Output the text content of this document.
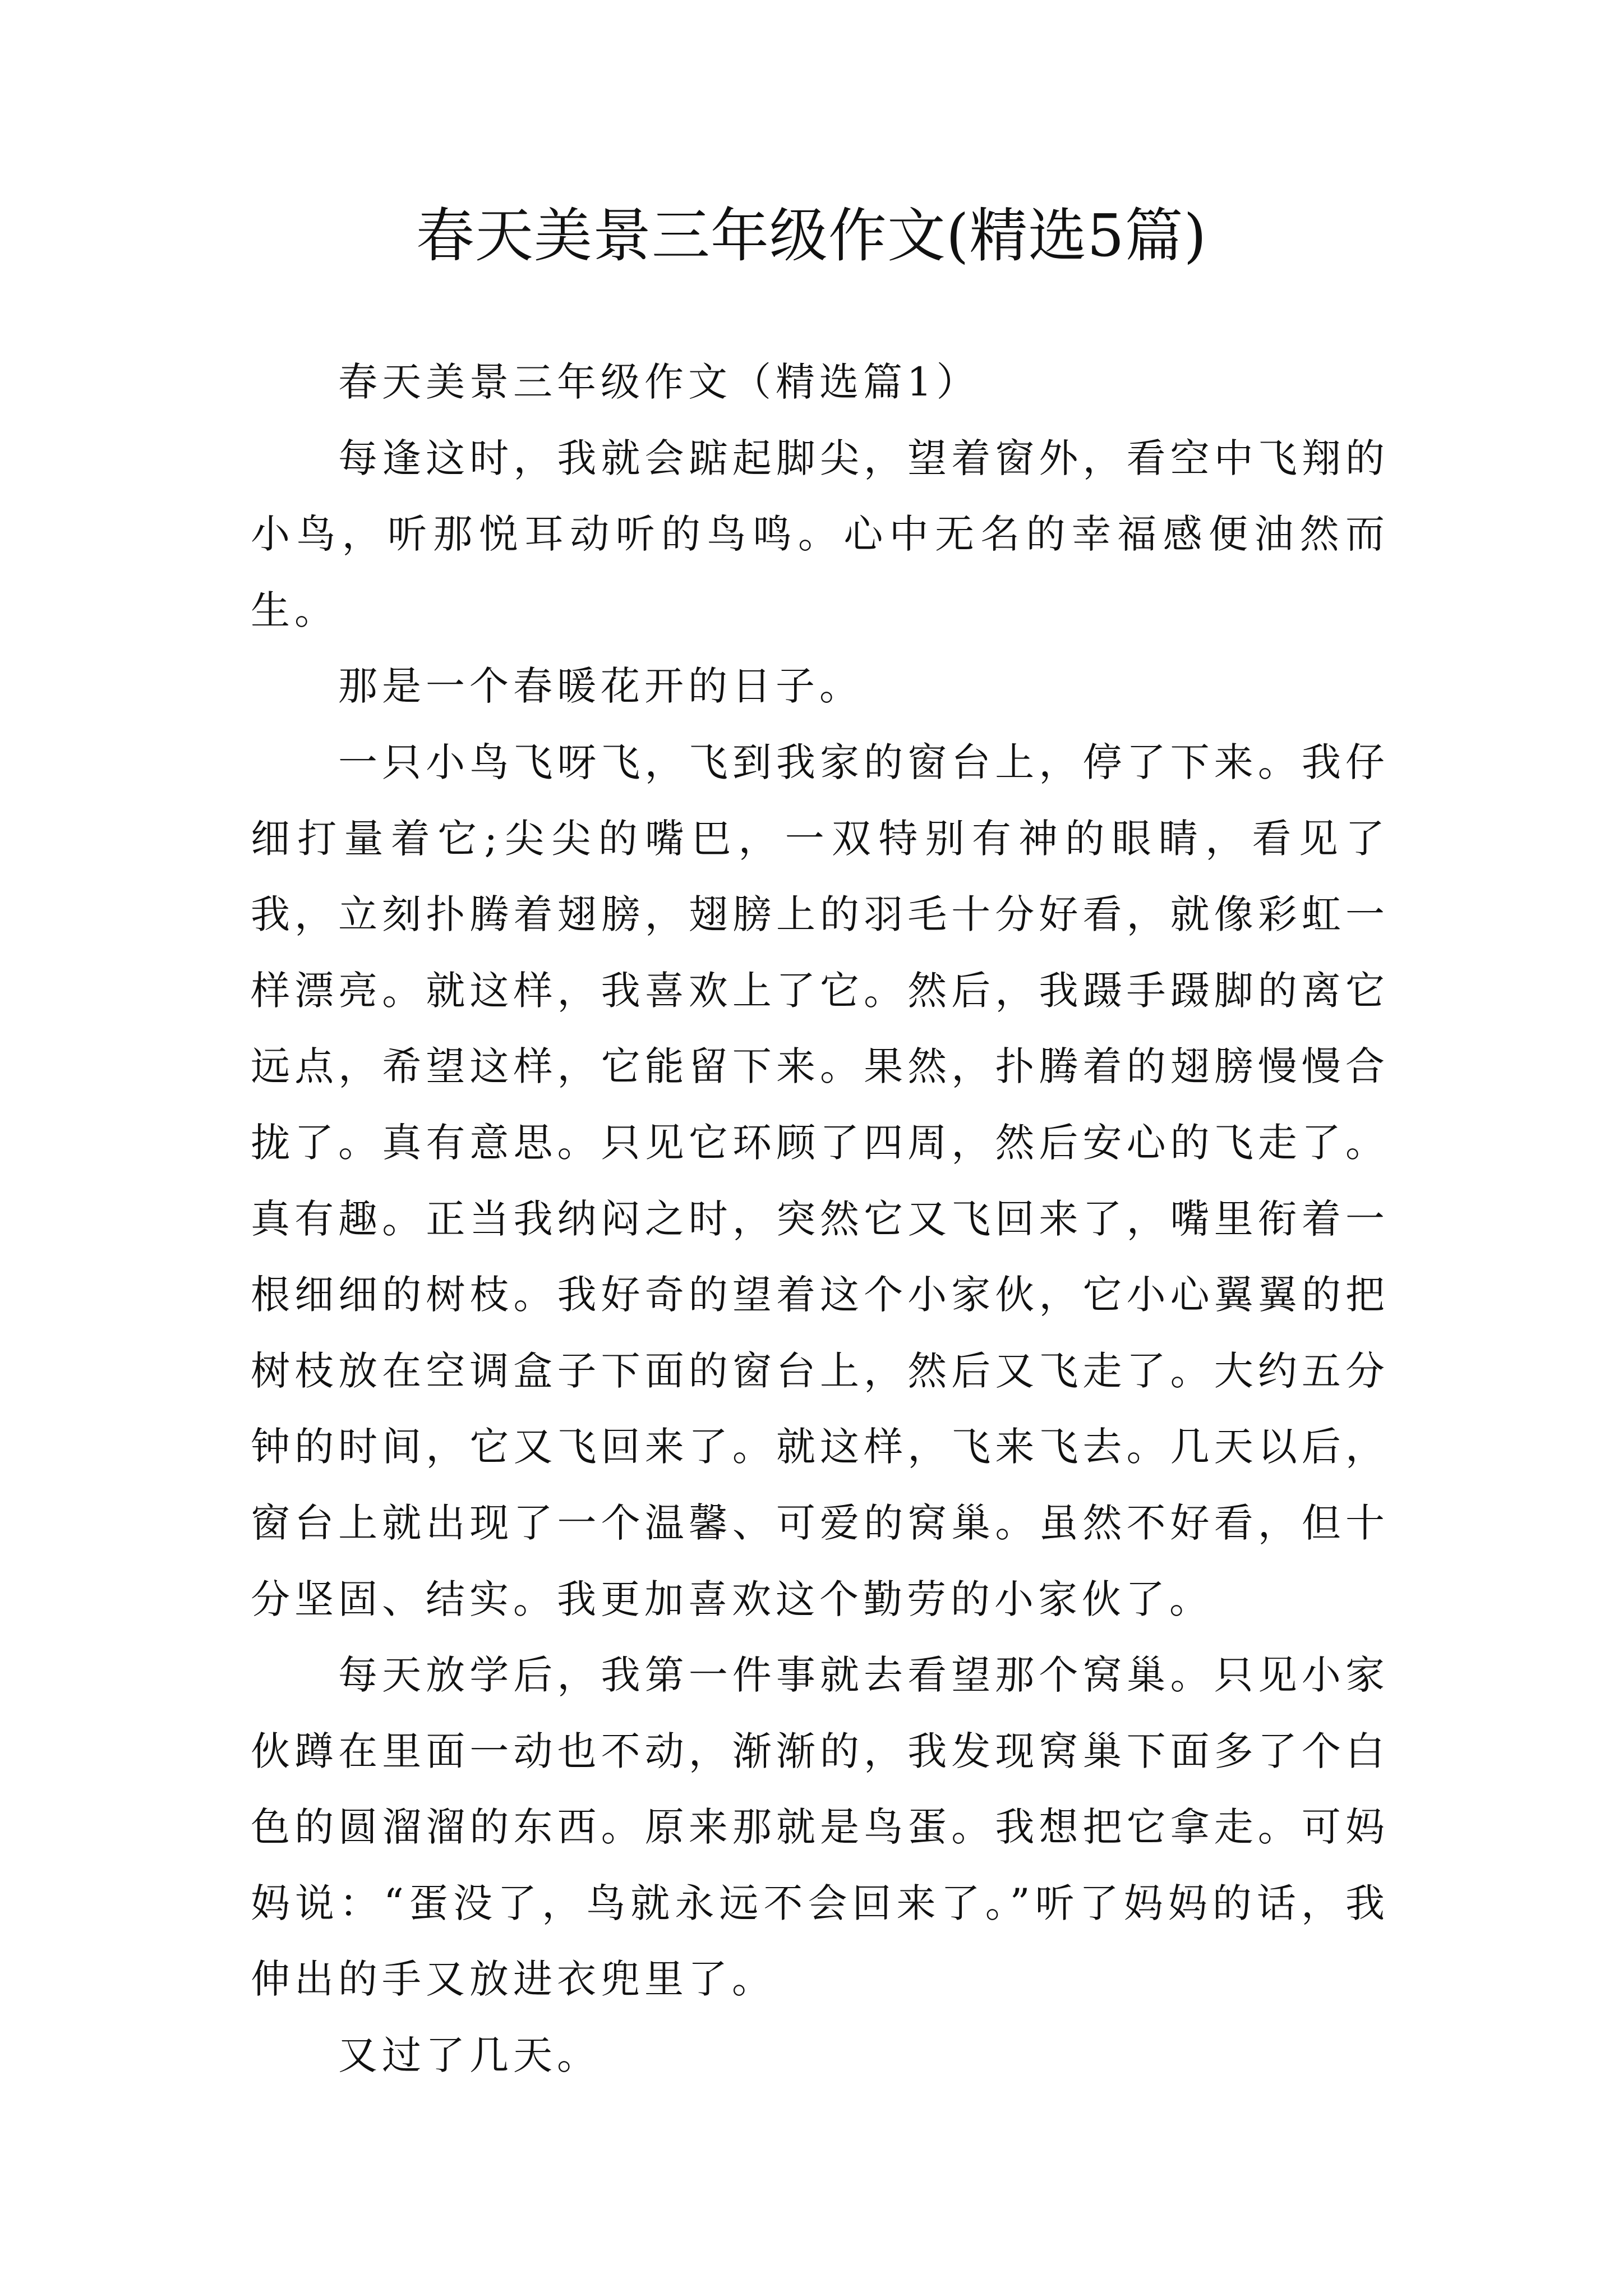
春天美景三年级作文(精选5篇)

春天美景三年级作文（精选篇1）

每逢这时，我就会踮起脚尖，望着窗外，看空中飞翔的小鸟，听那悦耳动听的鸟鸣。心中无名的幸福感便油然而生。

那是一个春暖花开的日子。

一只小鸟飞呀飞，飞到我家的窗台上，停了下来。我仔细打量着它;尖尖的嘴巴，一双特别有神的眼睛，看见了我，立刻扑腾着翅膀，翅膀上的羽毛十分好看，就像彩虹一样漂亮。就这样，我喜欢上了它。然后，我蹑手蹑脚的离它远点，希望这样，它能留下来。果然，扑腾着的翅膀慢慢合拢了。真有意思。只见它环顾了四周，然后安心的飞走了。真有趣。正当我纳闷之时，突然它又飞回来了，嘴里衔着一根细细的树枝。我好奇的望着这个小家伙，它小心翼翼的把树枝放在空调盒子下面的窗台上，然后又飞走了。大约五分钟的时间，它又飞回来了。就这样，飞来飞去。几天以后，窗台上就出现了一个温馨、可爱的窝巢。虽然不好看，但十分坚固、结实。我更加喜欢这个勤劳的小家伙了。

每天放学后，我第一件事就去看望那个窝巢。只见小家伙蹲在里面一动也不动，渐渐的，我发现窝巢下面多了个白色的圆溜溜的东西。原来那就是鸟蛋。我想把它拿走。可妈妈说：“蛋没了，鸟就永远不会回来了。”听了妈妈的话，我伸出的手又放进衣兜里了。

又过了几天。
